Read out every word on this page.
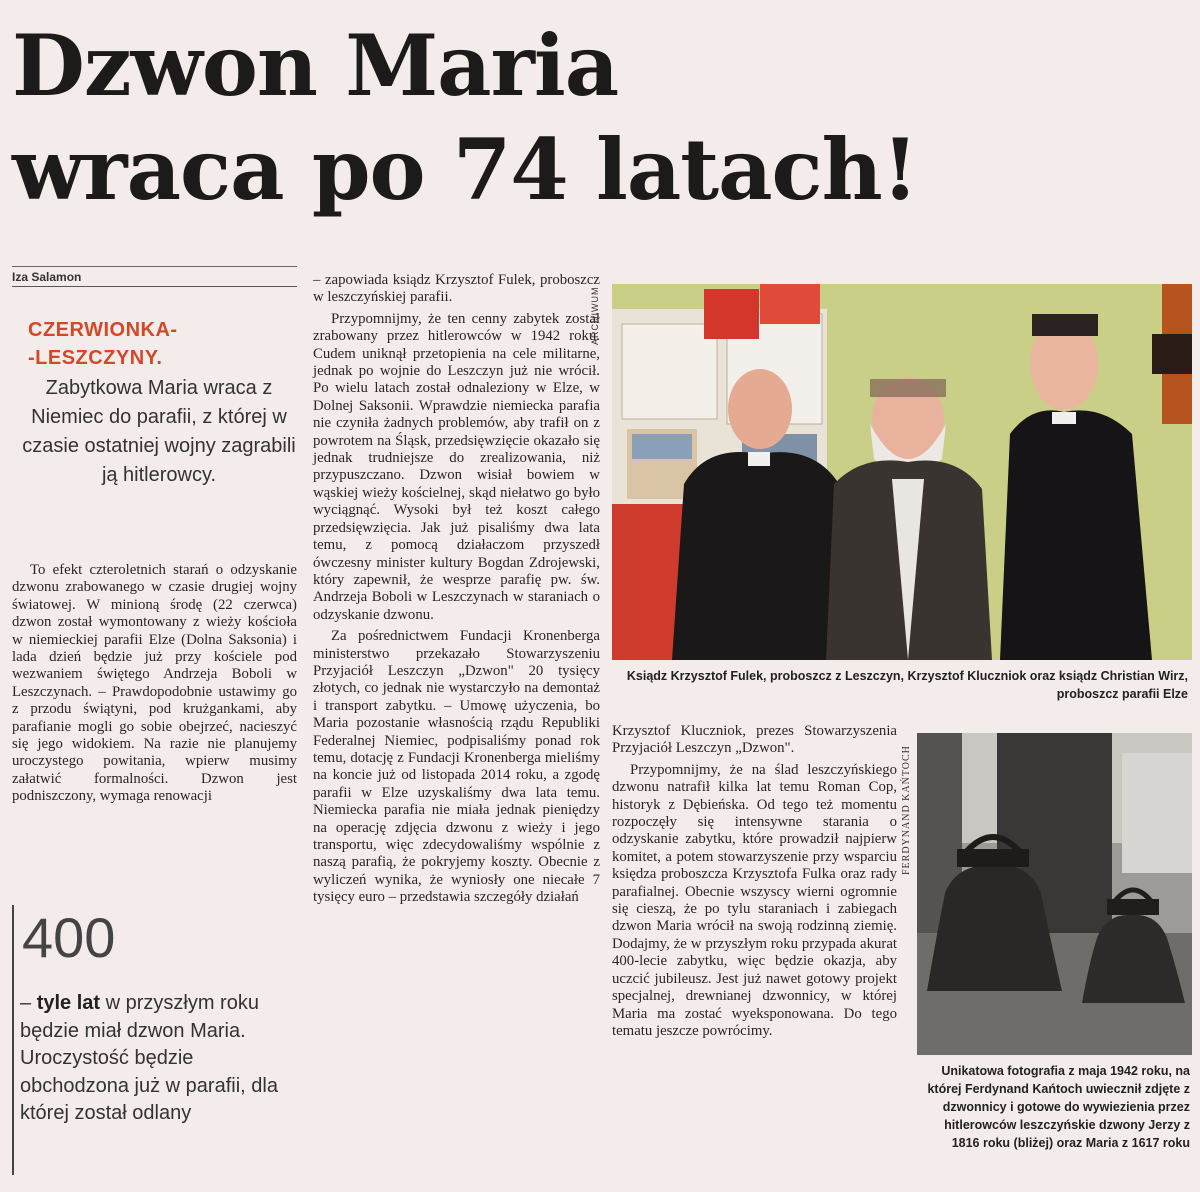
Dzwon Maria
wraca po 74 latach!
Iza Salamon
CZERWIONKA-
-LESZCZYNY.
Zabytkowa Maria wraca z Niemiec do parafii, z której w czasie ostatniej wojny zagrabili ją hitlerowcy.
To efekt czteroletnich starań o odzyskanie dzwonu zrabowanego w czasie drugiej wojny światowej. W minioną środę (22 czerwca) dzwon został wymontowany z wieży kościoła w niemieckiej parafii Elze (Dolna Saksonia) i lada dzień będzie już przy kościele pod wezwaniem świętego Andrzeja Boboli w Leszczynach. – Prawdopodobnie ustawimy go z przodu świątyni, pod krużgankami, aby parafianie mogli go sobie obejrzeć, nacieszyć się jego widokiem. Na razie nie planujemy uroczystego powitania, wpierw musimy załatwić formalności. Dzwon jest podniszczony, wymaga renowacji
400
– tyle lat w przyszłym roku będzie miał dzwon Maria. Uroczystość będzie obchodzona już w parafii, dla której został odlany
– zapowiada ksiądz Krzysztof Fulek, proboszcz w leszczyńskiej parafii.
Przypomnijmy, że ten cenny zabytek został zrabowany przez hitlerowców w 1942 roku. Cudem uniknął przetopienia na cele militarne, jednak po wojnie do Leszczyn już nie wrócił. Po wielu latach został odnaleziony w Elze, w Dolnej Saksonii. Wprawdzie niemiecka parafia nie czyniła żadnych problemów, aby trafił on z powrotem na Śląsk, przedsięwzięcie okazało się jednak trudniejsze do zrealizowania, niż przypuszczano. Dzwon wisiał bowiem w wąskiej wieży kościelnej, skąd niełatwo go było wyciągnąć. Wysoki był też koszt całego przedsięwzięcia. Jak już pisaliśmy dwa lata temu, z pomocą działaczom przyszedł ówczesny minister kultury Bogdan Zdrojewski, który zapewnił, że wesprze parafię pw. św. Andrzeja Boboli w Leszczynach w staraniach o odzyskanie dzwonu.
Za pośrednictwem Fundacji Kronenberga ministerstwo przekazało Stowarzyszeniu Przyjaciół Leszczyn „Dzwon" 20 tysięcy złotych, co jednak nie wystarczyło na demontaż i transport zabytku. – Umowę użyczenia, bo Maria pozostanie własnością rządu Republiki Federalnej Niemiec, podpisaliśmy ponad rok temu, dotację z Fundacji Kronenberga mieliśmy na koncie już od listopada 2014 roku, a zgodę parafii w Elze uzyskaliśmy dwa lata temu. Niemiecka parafia nie miała jednak pieniędzy na operację zdjęcia dzwonu z wieży i jego transportu, więc zdecydowaliśmy wspólnie z naszą parafią, że pokryjemy koszty. Obecnie z wyliczeń wynika, że wyniosły one niecałe 7 tysięcy euro – przedstawia szczegóły działań
ARCHIWUM
Ksiądz Krzysztof Fulek, proboszcz z Leszczyn, Krzysztof Kluczniok oraz ksiądz Christian Wirz, proboszcz parafii Elze
Krzysztof Kluczniok, prezes Stowarzyszenia Przyjaciół Leszczyn „Dzwon".
Przypomnijmy, że na ślad leszczyńskiego dzwonu natrafił kilka lat temu Roman Cop, historyk z Dębieńska. Od tego też momentu rozpoczęły się intensywne starania o odzyskanie zabytku, które prowadził najpierw komitet, a potem stowarzyszenie przy wsparciu księdza proboszcza Krzysztofa Fulka oraz rady parafialnej. Obecnie wszyscy wierni ogromnie się cieszą, że po tylu staraniach i zabiegach dzwon Maria wrócił na swoją rodzinną ziemię. Dodajmy, że w przyszłym roku przypada akurat 400-lecie zabytku, więc będzie okazja, aby uczcić jubileusz. Jest już nawet gotowy projekt specjalnej, drewnianej dzwonnicy, w której Maria ma zostać wyeksponowana. Do tego tematu jeszcze powrócimy.
FERDYNAND KAŃTOCH
Unikatowa fotografia z maja 1942 roku, na której Ferdynand Kańtoch uwiecznił zdjęte z dzwonnicy i gotowe do wywiezienia przez hitlerowców leszczyńskie dzwony Jerzy z 1816 roku (bliżej) oraz Maria z 1617 roku
